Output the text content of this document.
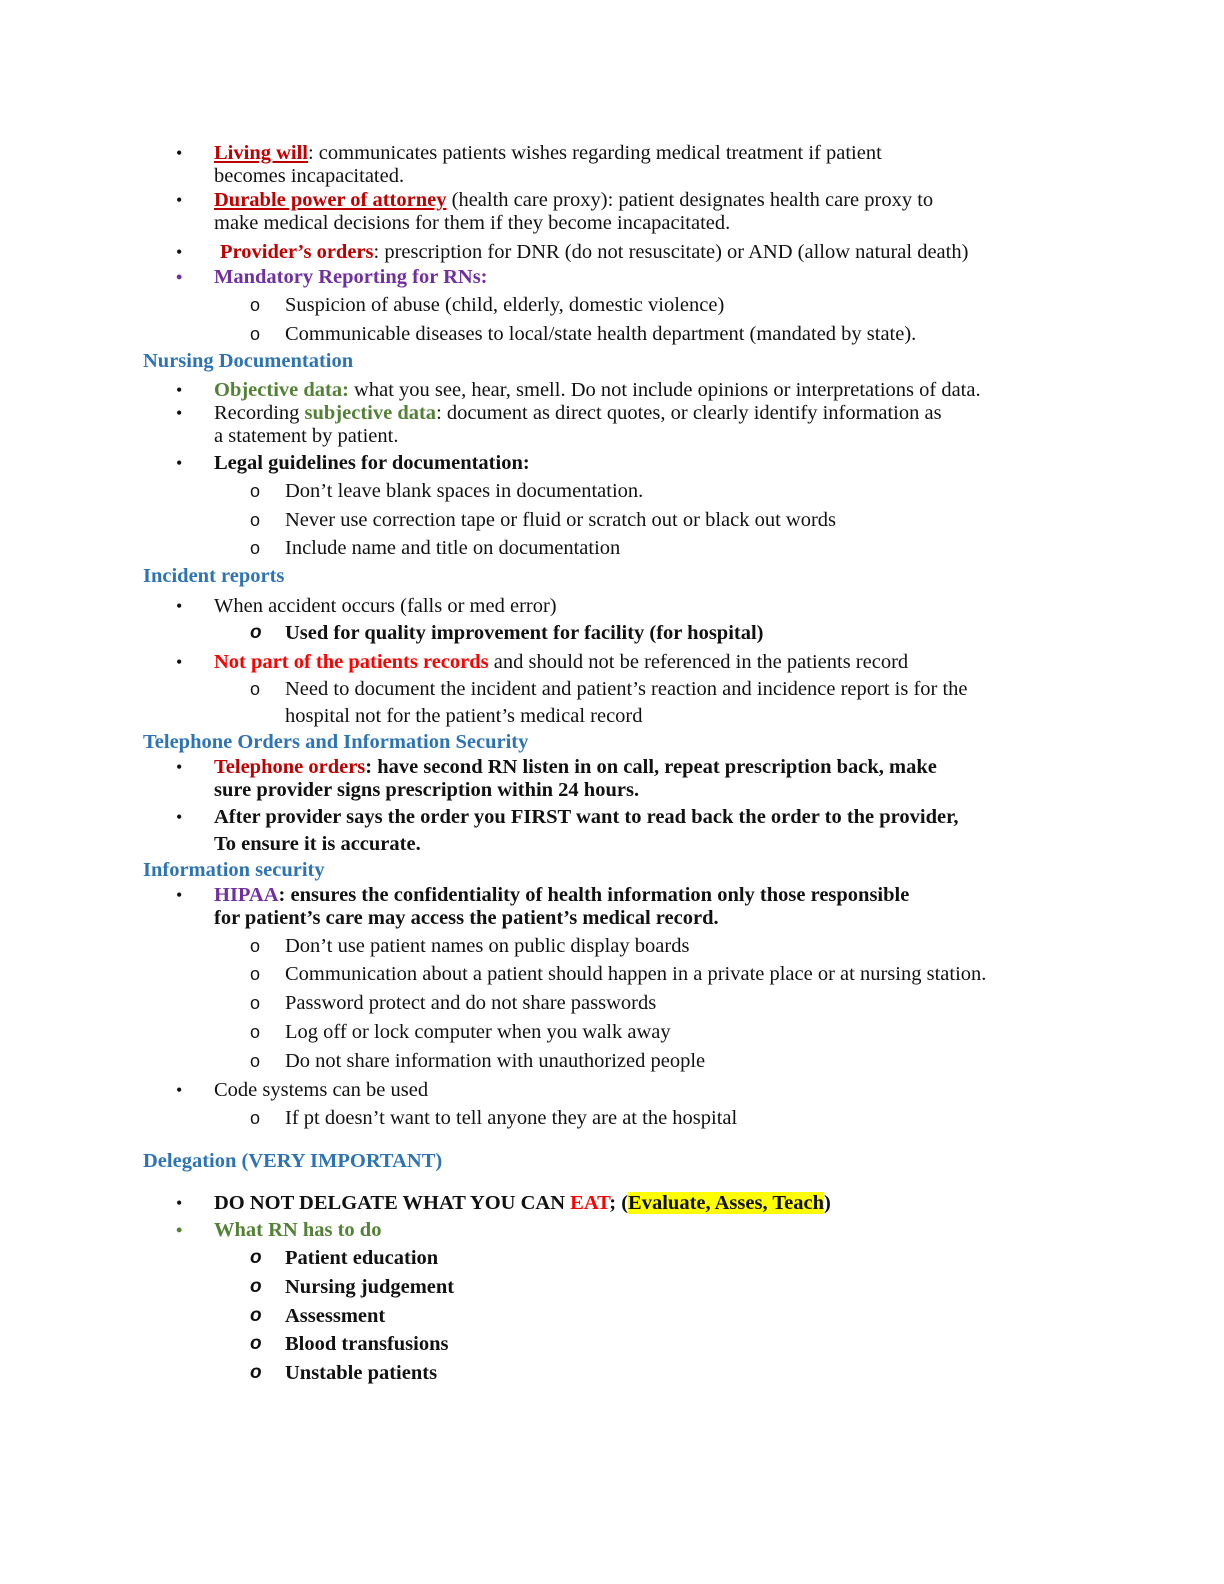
• Living will: communicates patients wishes regarding medical treatment if patient
becomes incapacitated.
• Durable power of attorney (health care proxy): patient designates health care proxy to
make medical decisions for them if they become incapacitated.
• Provider’s orders: prescription for DNR (do not resuscitate) or AND (allow natural death)
• Mandatory Reporting for RNs:
o Suspicion of abuse (child, elderly, domestic violence)
o Communicable diseases to local/state health department (mandated by state).
Nursing Documentation
• Objective data: what you see, hear, smell. Do not include opinions or interpretations of data.
• Recording subjective data: document as direct quotes, or clearly identify information as
a statement by patient.
• Legal guidelines for documentation:
o Don’t leave blank spaces in documentation.
o Never use correction tape or fluid or scratch out or black out words
o Include name and title on documentation
Incident reports
• When accident occurs (falls or med error)
o Used for quality improvement for facility (for hospital)
• Not part of the patients records and should not be referenced in the patients record
o Need to document the incident and patient’s reaction and incidence report is for the
hospital not for the patient’s medical record
Telephone Orders and Information Security
• Telephone orders: have second RN listen in on call, repeat prescription back, make
sure provider signs prescription within 24 hours.
• After provider says the order you FIRST want to read back the order to the provider,
To ensure it is accurate.
Information security
• HIPAA: ensures the confidentiality of health information only those responsible
for patient’s care may access the patient’s medical record.
o Don’t use patient names on public display boards
o Communication about a patient should happen in a private place or at nursing station.
o Password protect and do not share passwords
o Log off or lock computer when you walk away
o Do not share information with unauthorized people
• Code systems can be used
o If pt doesn’t want to tell anyone they are at the hospital
Delegation (VERY IMPORTANT)
• DO NOT DELGATE WHAT YOU CAN EAT; (Evaluate, Asses, Teach)
• What RN has to do
o Patient education
o Nursing judgement
o Assessment
o Blood transfusions
o Unstable patients
